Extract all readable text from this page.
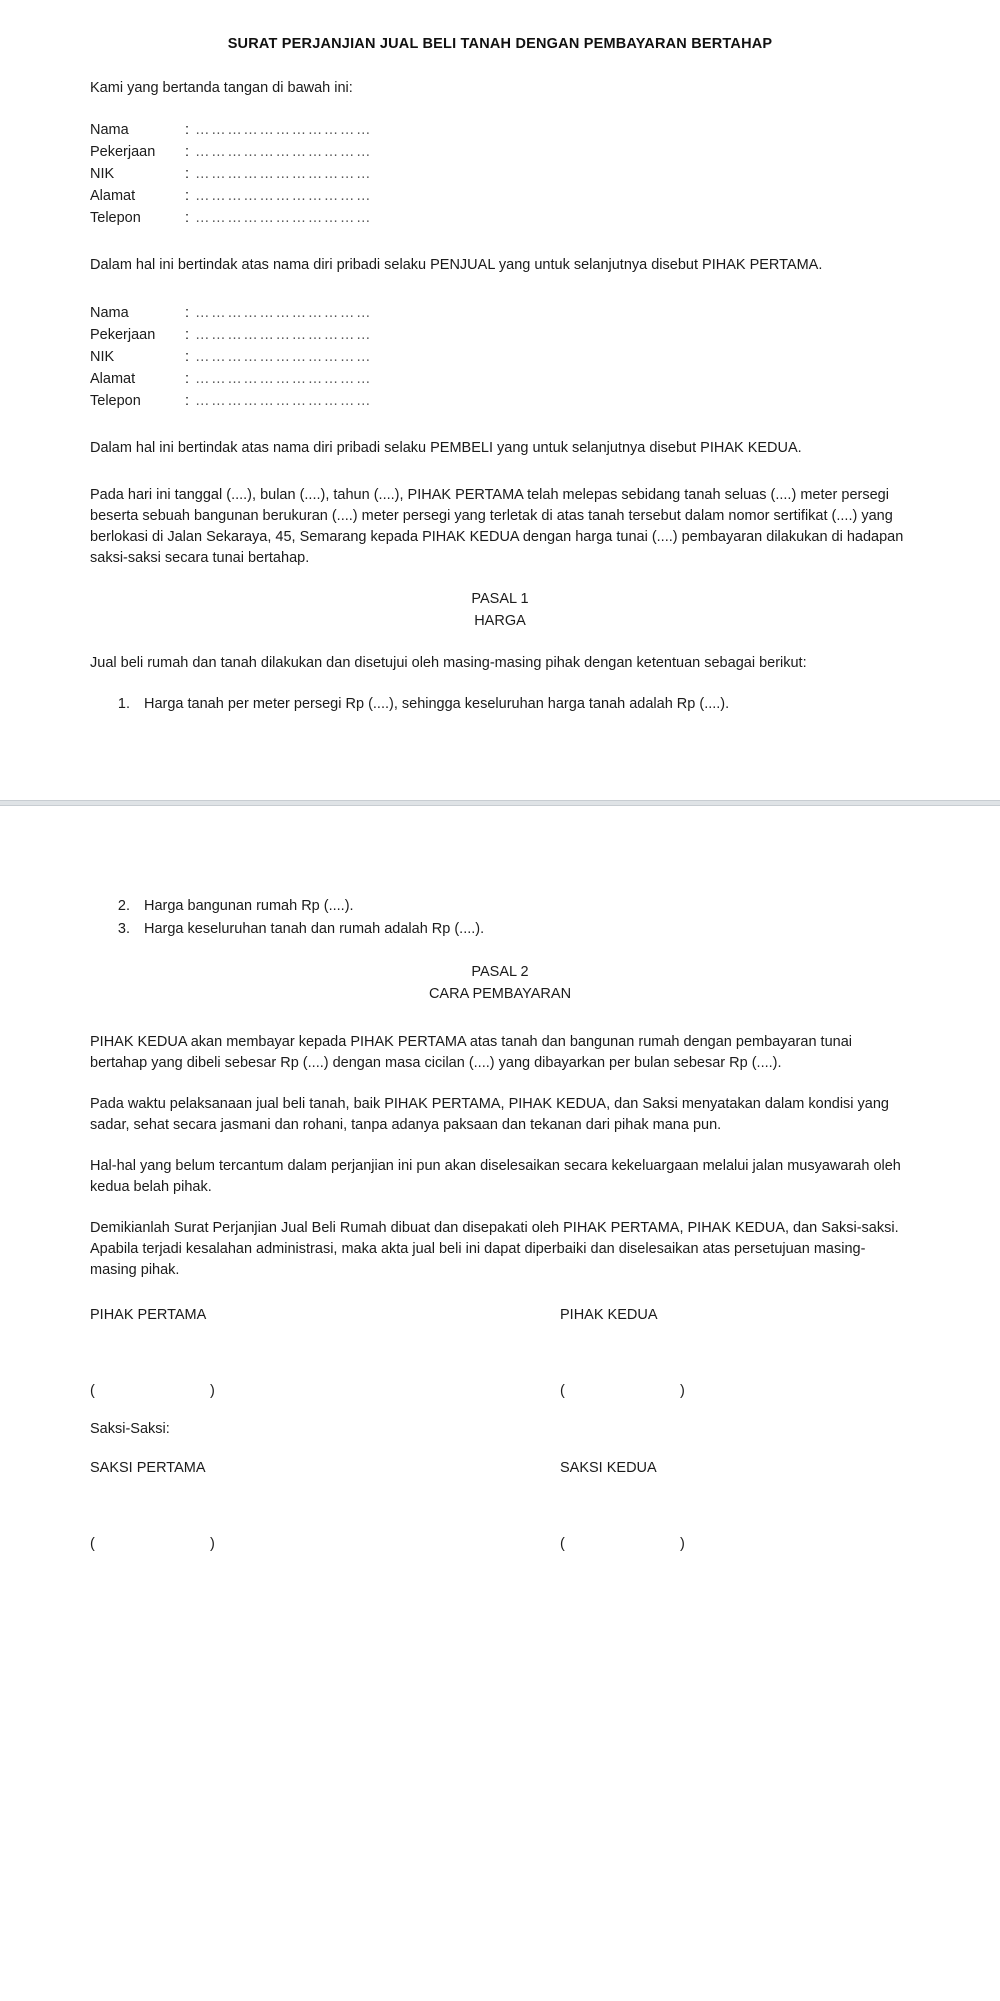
SURAT PERJANJIAN JUAL BELI TANAH DENGAN PEMBAYARAN BERTAHAP

Kami yang bertanda tangan di bawah ini:

Nama	: ……………………………
Pekerjaan	: ……………………………
NIK	: ……………………………
Alamat	: ……………………………
Telepon	: ……………………………

Dalam hal ini bertindak atas nama diri pribadi selaku PENJUAL yang untuk selanjutnya disebut PIHAK PERTAMA.

Nama	: ……………………………
Pekerjaan	: ……………………………
NIK	: ……………………………
Alamat	: ……………………………
Telepon	: ……………………………

Dalam hal ini bertindak atas nama diri pribadi selaku PEMBELI yang untuk selanjutnya disebut PIHAK KEDUA.

Pada hari ini tanggal (....), bulan (....), tahun (....), PIHAK PERTAMA telah melepas sebidang tanah seluas (....) meter persegi beserta sebuah bangunan berukuran (....) meter persegi yang terletak di atas tanah tersebut dalam nomor sertifikat (....) yang berlokasi di Jalan Sekaraya, 45, Semarang kepada PIHAK KEDUA dengan harga tunai (....) pembayaran dilakukan di hadapan saksi-saksi secara tunai bertahap.

PASAL 1
HARGA

Jual beli rumah dan tanah dilakukan dan disetujui oleh masing-masing pihak dengan ketentuan sebagai berikut:

1. Harga tanah per meter persegi Rp (....), sehingga keseluruhan harga tanah adalah Rp (....).
2. Harga bangunan rumah Rp (....).
3. Harga keseluruhan tanah dan rumah adalah Rp (....).
PASAL 2
CARA PEMBAYARAN

PIHAK KEDUA akan membayar kepada PIHAK PERTAMA atas tanah dan bangunan rumah dengan pembayaran tunai bertahap yang dibeli sebesar Rp (....) dengan masa cicilan (....) yang dibayarkan per bulan sebesar Rp (....).

Pada waktu pelaksanaan jual beli tanah, baik PIHAK PERTAMA, PIHAK KEDUA, dan Saksi menyatakan dalam kondisi yang sadar, sehat secara jasmani dan rohani, tanpa adanya paksaan dan tekanan dari pihak mana pun.

Hal-hal yang belum tercantum dalam perjanjian ini pun akan diselesaikan secara kekeluargaan melalui jalan musyawarah oleh kedua belah pihak.

Demikianlah Surat Perjanjian Jual Beli Rumah dibuat dan disepakati oleh PIHAK PERTAMA, PIHAK KEDUA, dan Saksi-saksi. Apabila terjadi kesalahan administrasi, maka akta jual beli ini dapat diperbaiki dan diselesaikan atas persetujuan masing-masing pihak.

PIHAK PERTAMA	PIHAK KEDUA
(	)	(	)

Saksi-Saksi:

SAKSI PERTAMA	SAKSI KEDUA
(	)	(	)
